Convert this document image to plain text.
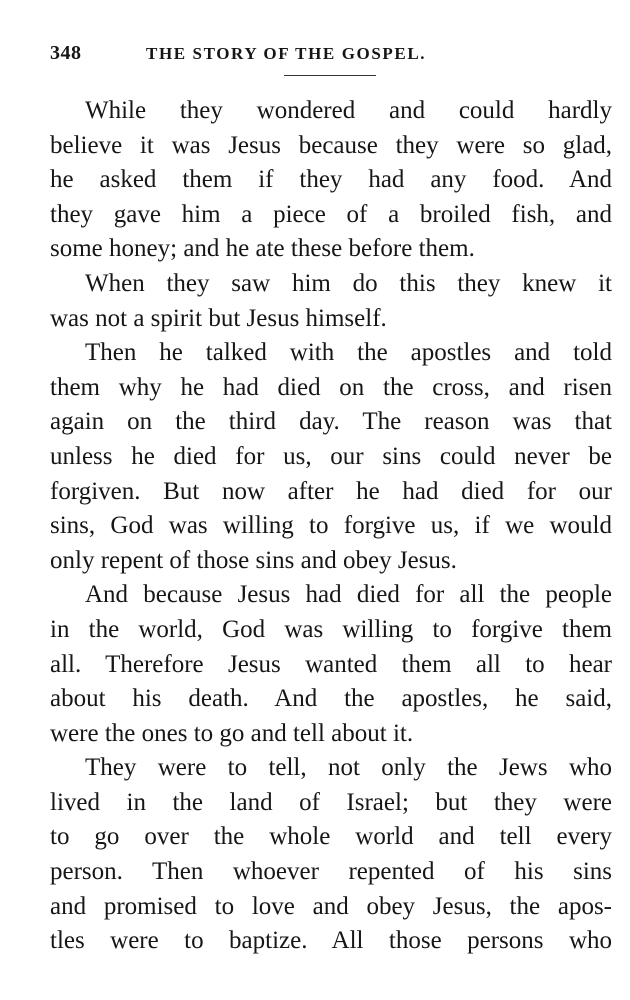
348	THE STORY OF THE GOSPEL.
While they wondered and could hardly
believe it was Jesus because they were so glad,
he asked them if they had any food. And
they gave him a piece of a broiled fish, and
some honey; and he ate these before them.
When they saw him do this they knew it
was not a spirit but Jesus himself.
Then he talked with the apostles and told
them why he had died on the cross, and risen
again on the third day. The reason was that
unless he died for us, our sins could never be
forgiven. But now after he had died for our
sins, God was willing to forgive us, if we would
only repent of those sins and obey Jesus.
And because Jesus had died for all the people
in the world, God was willing to forgive them
all. Therefore Jesus wanted them all to hear
about his death. And the apostles, he said,
were the ones to go and tell about it.
They were to tell, not only the Jews who
lived in the land of Israel; but they were
to go over the whole world and tell every
person. Then whoever repented of his sins
and promised to love and obey Jesus, the apos-
tles were to baptize. All those persons who
